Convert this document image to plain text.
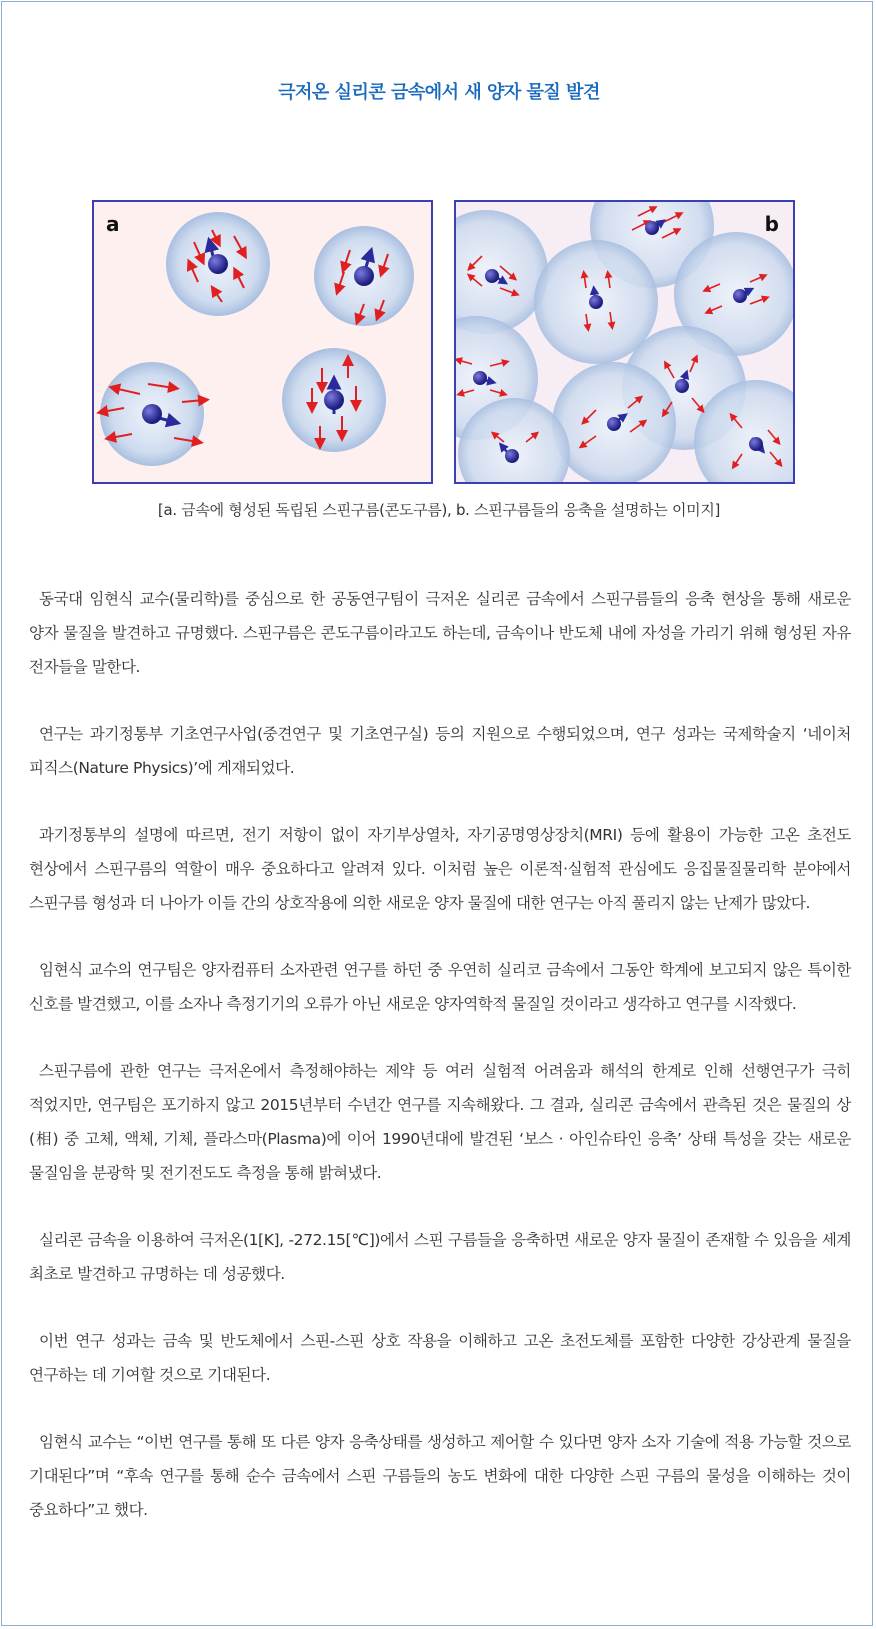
극저온 실리콘 금속에서 새 양자 물질 발견
a	b
[a. 금속에 형성된 독립된 스핀구름(콘도구름), b. 스핀구름들의 응축을 설명하는 이미지]

동국대 임현식 교수(물리학)를 중심으로 한 공동연구팀이 극저온 실리콘 금속에서 스핀구름들의 응축 현상을 통해 새로운 양자 물질을 발견하고 규명했다. 스핀구름은 콘도구름이라고도 하는데, 금속이나 반도체 내에 자성을 가리기 위해 형성된 자유 전자들을 말한다.

연구는 과기정통부 기초연구사업(중견연구 및 기초연구실) 등의 지원으로 수행되었으며, 연구 성과는 국제학술지 ‘네이처 피직스(Nature Physics)’에 게재되었다.

과기정통부의 설명에 따르면, 전기 저항이 없이 자기부상열차, 자기공명영상장치(MRI) 등에 활용이 가능한 고온 초전도 현상에서 스핀구름의 역할이 매우 중요하다고 알려져 있다. 이처럼 높은 이론적·실험적 관심에도 응집물질물리학 분야에서 스핀구름 형성과 더 나아가 이들 간의 상호작용에 의한 새로운 양자 물질에 대한 연구는 아직 풀리지 않는 난제가 많았다.

임현식 교수의 연구팀은 양자컴퓨터 소자관련 연구를 하던 중 우연히 실리코 금속에서 그동안 학계에 보고되지 않은 특이한 신호를 발견했고, 이를 소자나 측정기기의 오류가 아닌 새로운 양자역학적 물질일 것이라고 생각하고 연구를 시작했다.

스핀구름에 관한 연구는 극저온에서 측정해야하는 제약 등 여러 실험적 어려움과 해석의 한계로 인해 선행연구가 극히 적었지만, 연구팀은 포기하지 않고 2015년부터 수년간 연구를 지속해왔다. 그 결과, 실리콘 금속에서 관측된 것은 물질의 상(相) 중 고체, 액체, 기체, 플라스마(Plasma)에 이어 1990년대에 발견된 ‘보스 · 아인슈타인 응축’ 상태 특성을 갖는 새로운 물질임을 분광학 및 전기전도도 측정을 통해 밝혀냈다.

실리콘 금속을 이용하여 극저온(1[K], -272.15[℃])에서 스핀 구름들을 응축하면 새로운 양자 물질이 존재할 수 있음을 세계 최초로 발견하고 규명하는 데 성공했다.

이번 연구 성과는 금속 및 반도체에서 스핀-스핀 상호 작용을 이해하고 고온 초전도체를 포함한 다양한 강상관계 물질을 연구하는 데 기여할 것으로 기대된다.

임현식 교수는 “이번 연구를 통해 또 다른 양자 응축상태를 생성하고 제어할 수 있다면 양자 소자 기술에 적용 가능할 것으로 기대된다”며 “후속 연구를 통해 순수 금속에서 스핀 구름들의 농도 변화에 대한 다양한 스핀 구름의 물성을 이해하는 것이 중요하다”고 했다.
